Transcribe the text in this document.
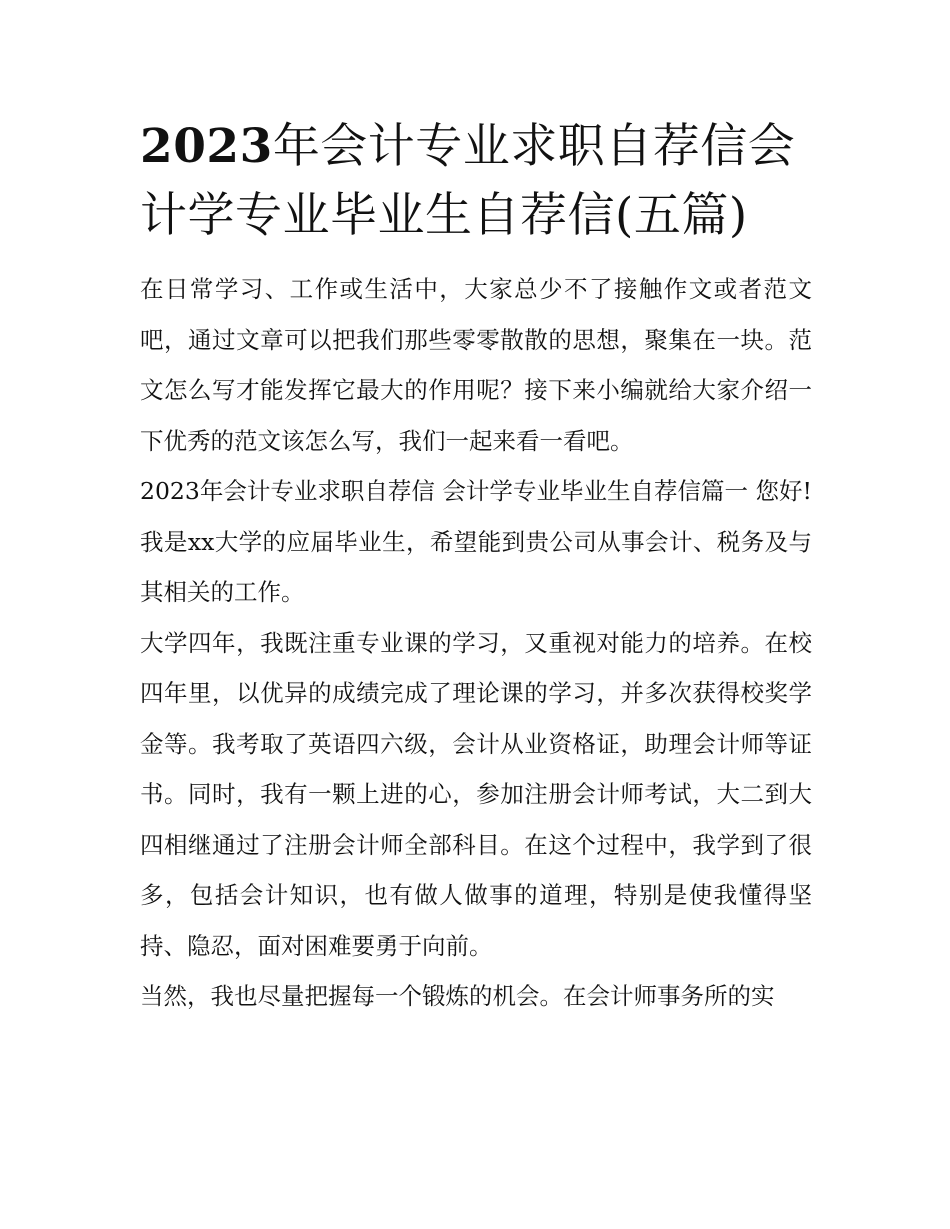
2023年会计专业求职自荐信会计学专业毕业生自荐信(五篇)

在日常学习、工作或生活中，大家总少不了接触作文或者范文吧，通过文章可以把我们那些零零散散的思想，聚集在一块。范文怎么写才能发挥它最大的作用呢？接下来小编就给大家介绍一下优秀的范文该怎么写，我们一起来看一看吧。

2023年会计专业求职自荐信 会计学专业毕业生自荐信篇一 您好!我是xx大学的应届毕业生，希望能到贵公司从事会计、税务及与其相关的工作。

大学四年，我既注重专业课的学习，又重视对能力的培养。在校四年里，以优异的成绩完成了理论课的学习，并多次获得校奖学金等。我考取了英语四六级，会计从业资格证，助理会计师等证书。同时，我有一颗上进的心，参加注册会计师考试，大二到大四相继通过了注册会计师全部科目。在这个过程中，我学到了很多，包括会计知识，也有做人做事的道理，特别是使我懂得坚持、隐忍，面对困难要勇于向前。

当然，我也尽量把握每一个锻炼的机会。在会计师事务所的实
